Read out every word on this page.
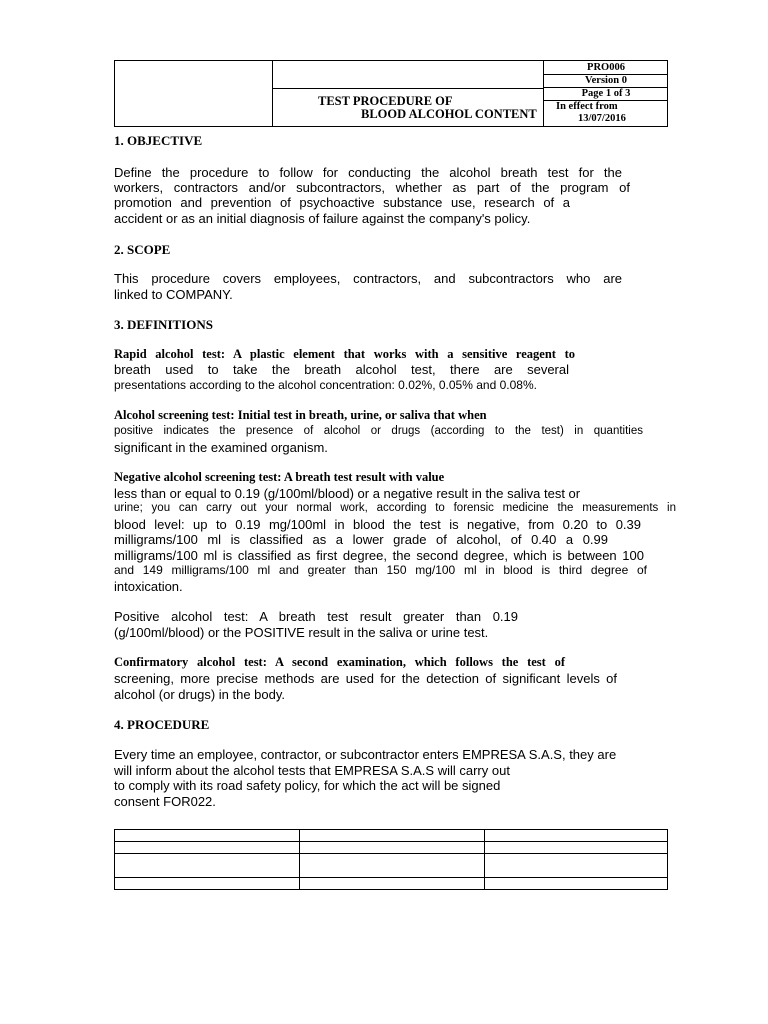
TEST PROCEDURE OF
BLOOD ALCOHOL CONTENT
PRO006
Version 0
Page 1 of 3
In effect from
13/07/2016
1. OBJECTIVE
Define the procedure to follow for conducting the alcohol breath test for the
workers, contractors and/or subcontractors, whether as part of the program of
promotion and prevention of psychoactive substance use, research of a
accident or as an initial diagnosis of failure against the company's policy.
2. SCOPE
This procedure covers employees, contractors, and subcontractors who are
linked to COMPANY.
3. DEFINITIONS
Rapid alcohol test: A plastic element that works with a sensitive reagent to
breath used to take the breath alcohol test, there are several
presentations according to the alcohol concentration: 0.02%, 0.05% and 0.08%.
Alcohol screening test: Initial test in breath, urine, or saliva that when
positive indicates the presence of alcohol or drugs (according to the test) in quantities
significant in the examined organism.
Negative alcohol screening test: A breath test result with value
less than or equal to 0.19 (g/100ml/blood) or a negative result in the saliva test or
urine; you can carry out your normal work, according to forensic medicine the measurements in
blood level: up to 0.19 mg/100ml in blood the test is negative, from 0.20 to 0.39
milligrams/100 ml is classified as a lower grade of alcohol, of 0.40 a 0.99
milligrams/100 ml is classified as first degree, the second degree, which is between 100
and 149 milligrams/100 ml and greater than 150 mg/100 ml in blood is third degree of
intoxication.
Positive alcohol test: A breath test result greater than 0.19
(g/100ml/blood) or the POSITIVE result in the saliva or urine test.
Confirmatory alcohol test: A second examination, which follows the test of
screening, more precise methods are used for the detection of significant levels of
alcohol (or drugs) in the body.
4. PROCEDURE
Every time an employee, contractor, or subcontractor enters EMPRESA S.A.S, they are
will inform about the alcohol tests that EMPRESA S.A.S will carry out
to comply with its road safety policy, for which the act will be signed
consent FOR022.
